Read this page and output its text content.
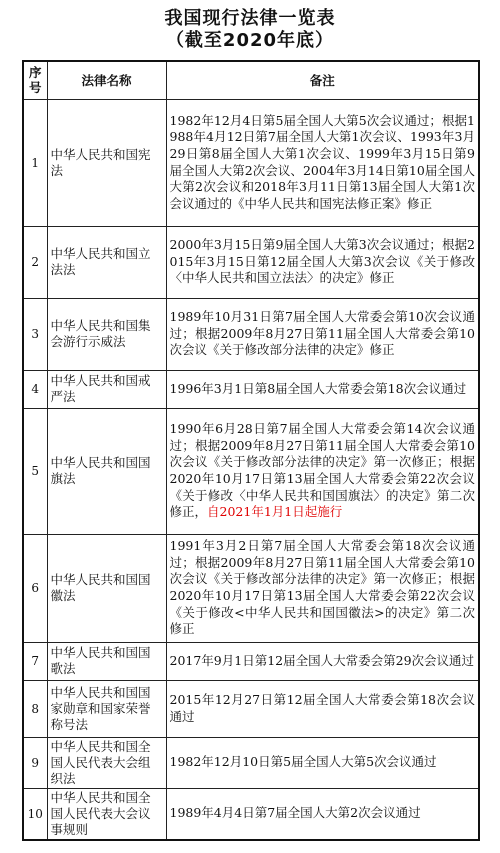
我国现行法律一览表
（截至2020年底）
序号	法律名称	备注
1	中华人民共和国宪法	1982年12月4日第5届全国人大第5次会议通过；根据1988年4月12日第7届全国人大第1次会议、1993年3月29日第8届全国人大第1次会议、1999年3月15日第9届全国人大第2次会议、2004年3月14日第10届全国人大第2次会议和2018年3月11日第13届全国人大第1次会议通过的《中华人民共和国宪法修正案》修正
2	中华人民共和国立法法	2000年3月15日第9届全国人大第3次会议通过；根据2015年3月15日第12届全国人大第3次会议《关于修改〈中华人民共和国立法法〉的决定》修正
3	中华人民共和国集会游行示威法	1989年10月31日第7届全国人大常委会第10次会议通过；根据2009年8月27日第11届全国人大常委会第10次会议《关于修改部分法律的决定》修正
4	中华人民共和国戒严法	1996年3月1日第8届全国人大常委会第18次会议通过
5	中华人民共和国国旗法	1990年6月28日第7届全国人大常委会第14次会议通过；根据2009年8月27日第11届全国人大常委会第10次会议《关于修改部分法律的决定》第一次修正；根据2020年10月17日第13届全国人大常委会第22次会议《关于修改〈中华人民共和国国旗法〉的决定》第二次修正，自2021年1月1日起施行
6	中华人民共和国国徽法	1991年3月2日第7届全国人大常委会第18次会议通过；根据2009年8月27日第11届全国人大常委会第10次会议《关于修改部分法律的决定》第一次修正；根据2020年10月17日第13届全国人大常委会第22次会议《关于修改<中华人民共和国国徽法>的决定》第二次修正
7	中华人民共和国国歌法	2017年9月1日第12届全国人大常委会第29次会议通过
8	中华人民共和国国家勋章和国家荣誉称号法	2015年12月27日第12届全国人大常委会第18次会议通过
9	中华人民共和国全国人民代表大会组织法	1982年12月10日第5届全国人大第5次会议通过
10	中华人民共和国全国人民代表大会议事规则	1989年4月4日第7届全国人大第2次会议通过
